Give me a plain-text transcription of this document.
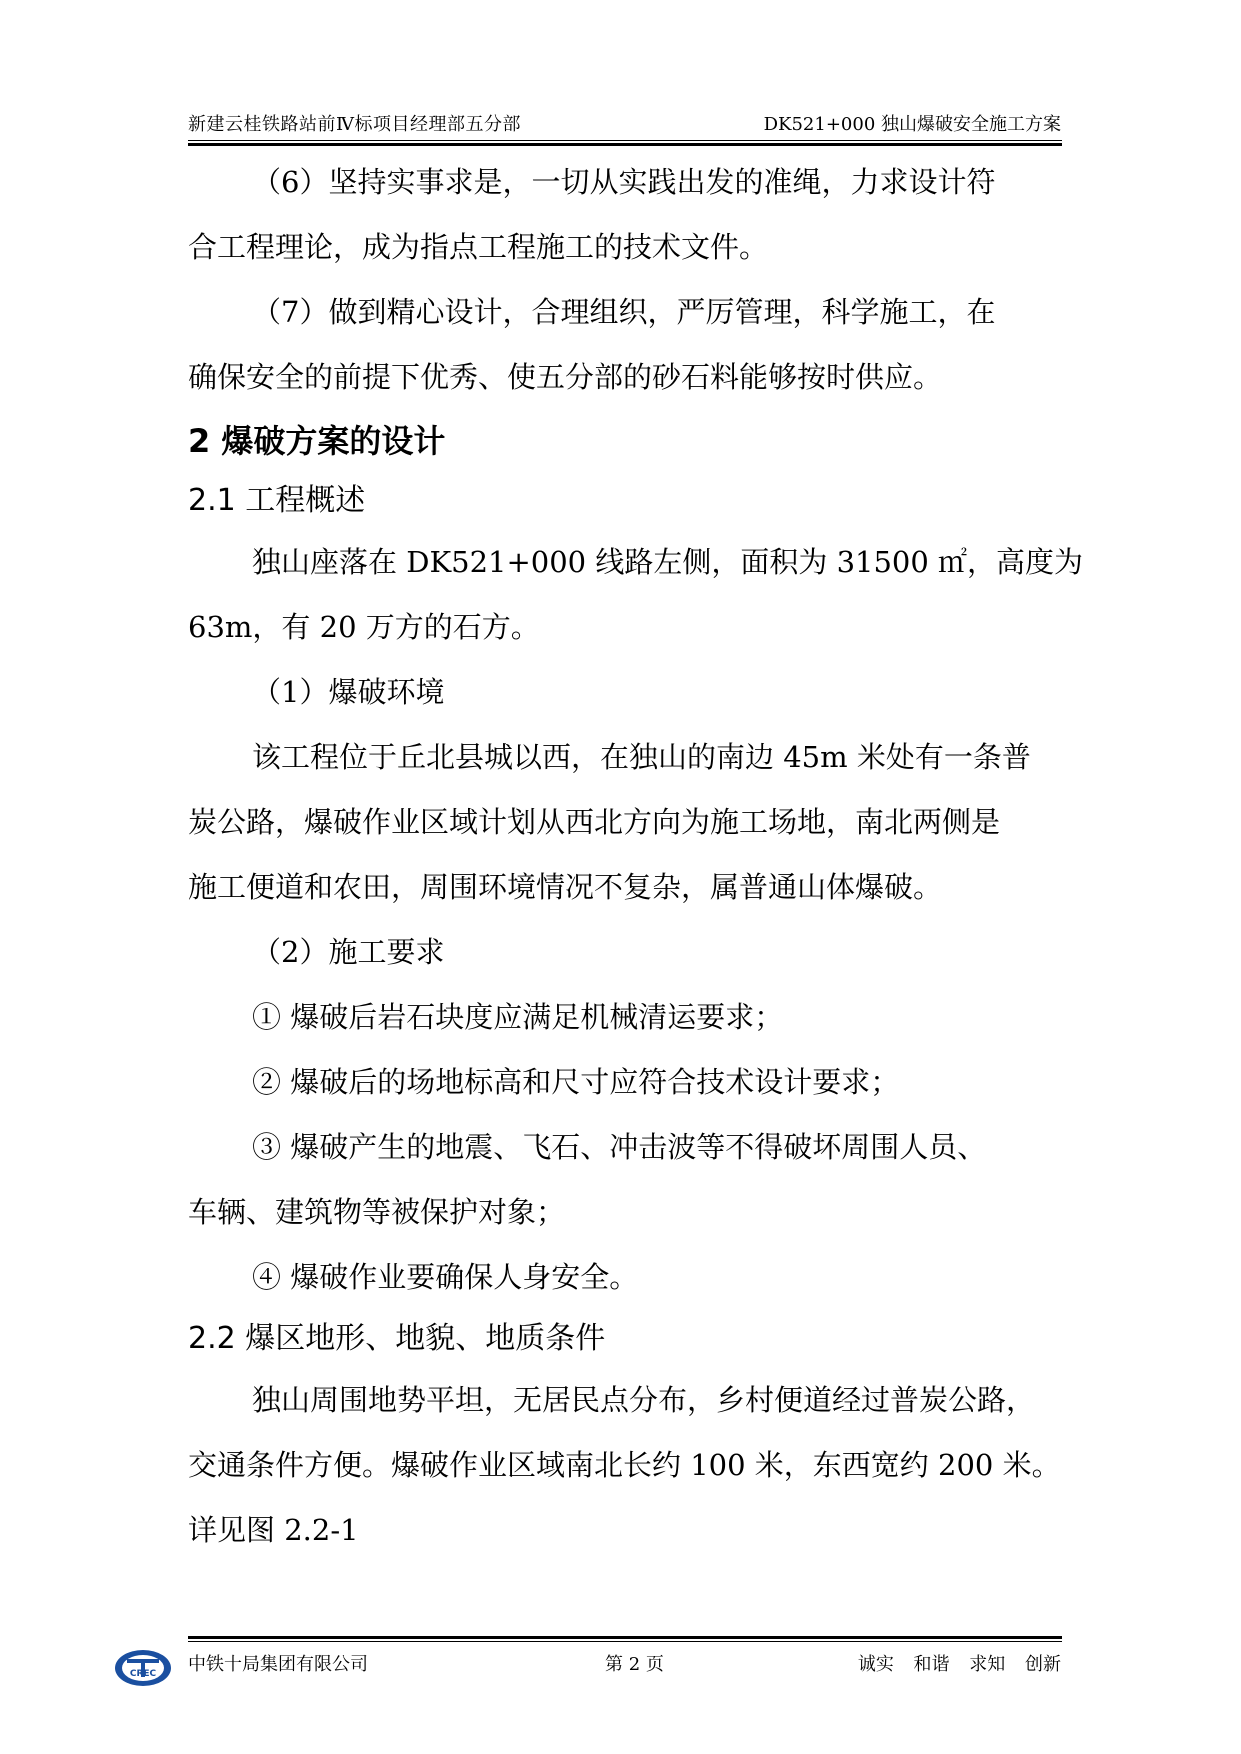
新建云桂铁路站前Ⅳ标项目经理部五分部	DK521+000 独山爆破安全施工方案

（6）坚持实事求是，一切从实践出发的准绳，力求设计符

合工程理论，成为指点工程施工的技术文件。

（7）做到精心设计，合理组织，严厉管理，科学施工，在

确保安全的前提下优秀、使五分部的砂石料能够按时供应。

2 爆破方案的设计

2.1 工程概述

独山座落在 DK521+000 线路左侧，面积为 31500 ㎡，高度为

63m，有 20 万方的石方。

（1）爆破环境

该工程位于丘北县城以西，在独山的南边 45m 米处有一条普

炭公路，爆破作业区域计划从西北方向为施工场地，南北两侧是

施工便道和农田，周围环境情况不复杂，属普通山体爆破。

（2）施工要求

① 爆破后岩石块度应满足机械清运要求；

② 爆破后的场地标高和尺寸应符合技术设计要求；

③ 爆破产生的地震、飞石、冲击波等不得破坏周围人员、

车辆、建筑物等被保护对象；

④ 爆破作业要确保人身安全。

2.2 爆区地形、地貌、地质条件

独山周围地势平坦，无居民点分布，乡村便道经过普炭公路，

交通条件方便。爆破作业区域南北长约 100 米，东西宽约 200 米。

详见图 2.2-1

CREC 中铁十局集团有限公司	第 2 页	诚实 和谐 求知 创新
